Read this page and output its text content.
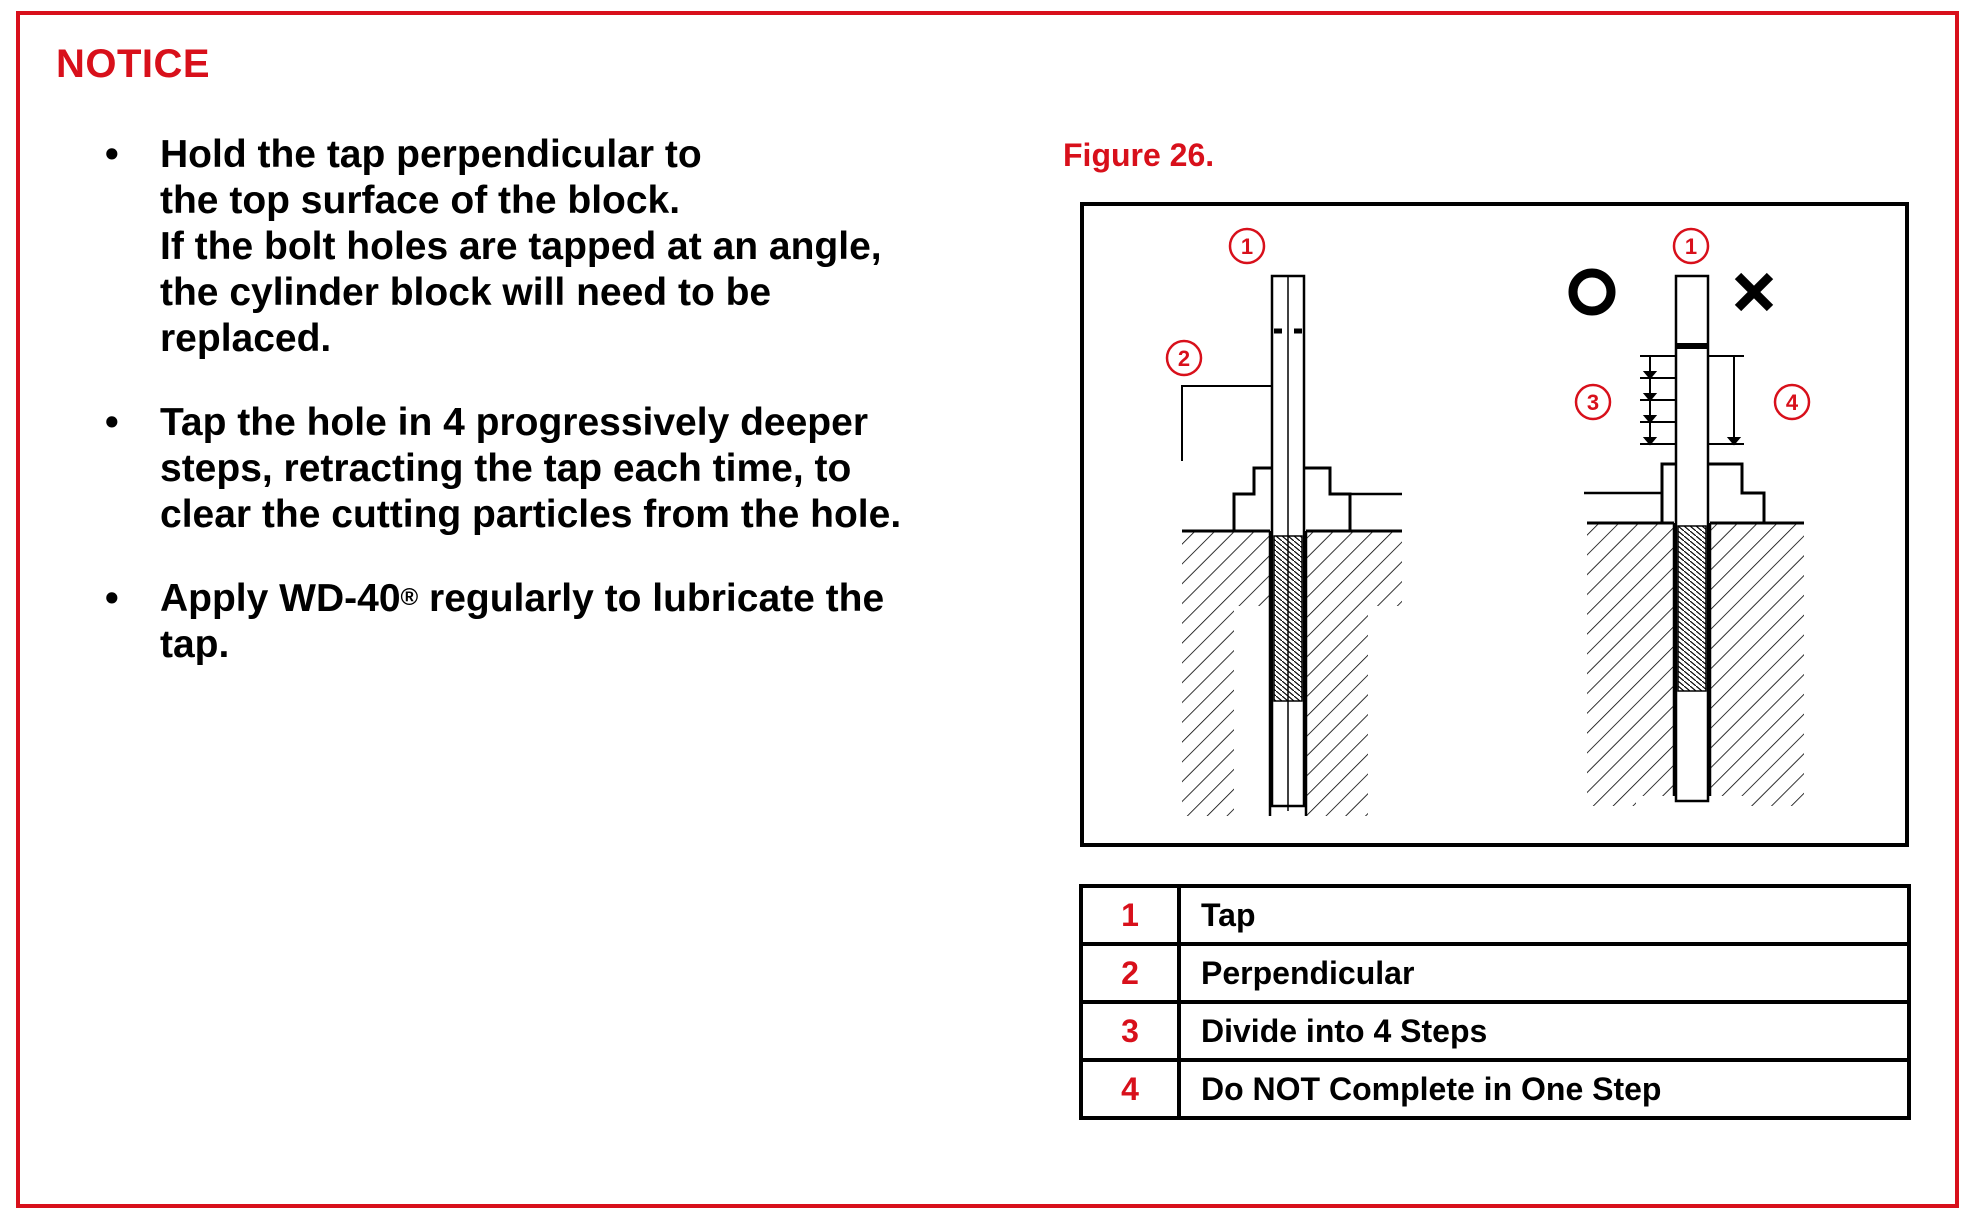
NOTICE
• Hold the tap perpendicular to
the top surface of the block.
If the bolt holes are tapped at an angle,
the cylinder block will need to be
replaced.
• Tap the hole in 4 progressively deeper
steps, retracting the tap each time, to
clear the cutting particles from the hole.
• Apply WD-40® regularly to lubricate the
tap.
Figure 26.
1
2
O	X
1
3	4
1	Tap
2	Perpendicular
3	Divide into 4 Steps
4	Do NOT Complete in One Step
